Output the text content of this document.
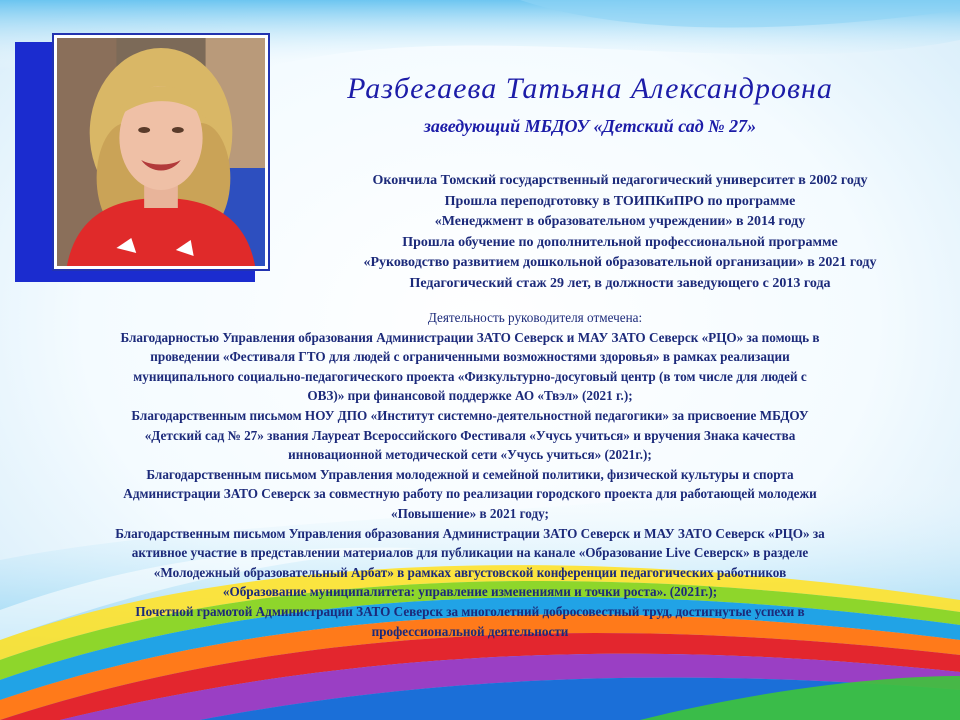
Разбегаева Татьяна Александровна
заведующий МБДОУ «Детский сад № 27»
Окончила Томский государственный педагогический университет в 2002 году
Прошла переподготовку в ТОИПКиПРО по программе
«Менеджмент в образовательном учреждении» в 2014 году
Прошла обучение по дополнительной профессиональной программе
«Руководство развитием дошкольной образовательной организации» в 2021 году
Педагогический стаж 29 лет, в должности заведующего с 2013 года
Деятельность руководителя отмечена:
Благодарностью Управления образования Администрации ЗАТО Северск и МАУ ЗАТО Северск «РЦО» за помощь в
проведении «Фестиваля ГТО для людей с ограниченными возможностями здоровья» в рамках реализации
муниципального социально-педагогического проекта «Физкультурно-досуговый центр (в том числе для людей с
ОВЗ)» при финансовой поддержке АО «Твэл» (2021 г.);
Благодарственным письмом НОУ ДПО «Институт системно-деятельностной педагогики» за присвоение МБДОУ
«Детский сад № 27» звания Лауреат Всероссийского Фестиваля «Учусь учиться» и вручения Знака качества
инновационной методической сети «Учусь учиться» (2021г.);
Благодарственным письмом Управления молодежной и семейной политики, физической культуры и спорта
Администрации ЗАТО Северск за совместную работу по реализации городского проекта для работающей молодежи
«Повышение» в 2021 году;
Благодарственным письмом Управления образования Администрации ЗАТО Северск и МАУ ЗАТО Северск «РЦО» за
активное участие в представлении материалов для публикации на канале «Образование Live Северск» в разделе
«Молодежный образовательный Арбат» в рамках августовской конференции педагогических работников
«Образование муниципалитета: управление изменениями и точки роста». (2021г.);
Почетной грамотой Администрации ЗАТО Северск за многолетний добросовестный труд, достигнутые успехи в
профессиональной деятельности
